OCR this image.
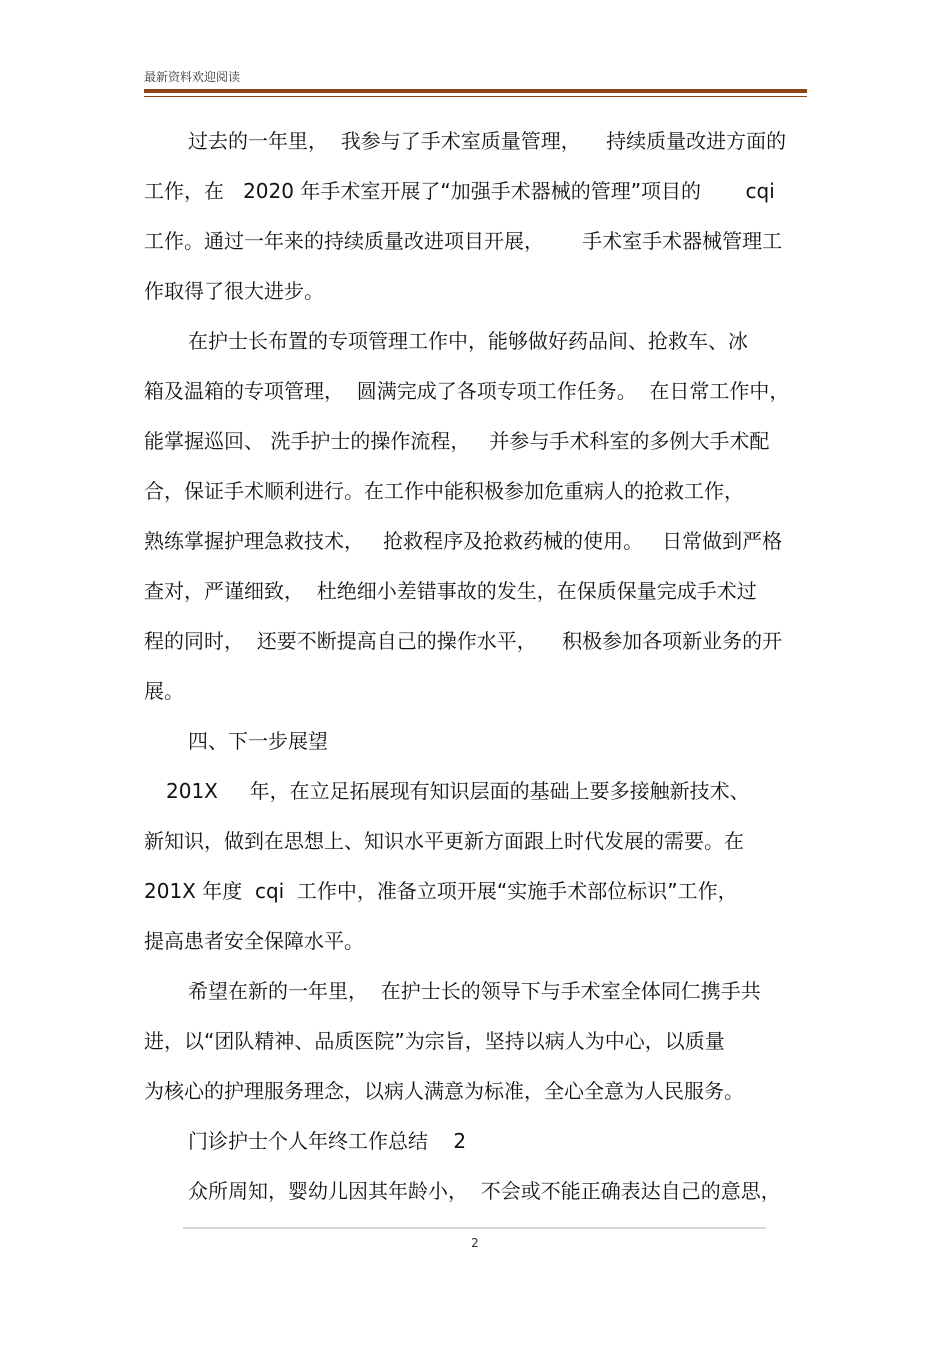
最新资料欢迎阅读
过去的一年里，  我参与了手术室质量管理，    持续质量改进方面的
工作，在   2020 年手术室开展了“加强手术器械的管理”项目的       cqi
工作。通过一年来的持续质量改进项目开展，      手术室手术器械管理工
作取得了很大进步。
在护士长布置的专项管理工作中，能够做好药品间、抢救车、冰
箱及温箱的专项管理，  圆满完成了各项专项工作任务。  在日常工作中，
能掌握巡回、 洗手护士的操作流程，   并参与手术科室的多例大手术配
合，保证手术顺利进行。在工作中能积极参加危重病人的抢救工作，
熟练掌握护理急救技术，   抢救程序及抢救药械的使用。   日常做到严格
查对，严谨细致，  杜绝细小差错事故的发生，在保质保量完成手术过
程的同时，  还要不断提高自己的操作水平，    积极参加各项新业务的开
展。
四、下一步展望
201X     年，在立足拓展现有知识层面的基础上要多接触新技术、
新知识，做到在思想上、知识水平更新方面跟上时代发展的需要。在
201X 年度  cqi  工作中，准备立项开展“实施手术部位标识”工作，
提高患者安全保障水平。
希望在新的一年里，  在护士长的领导下与手术室全体同仁携手共
进，以“团队精神、品质医院”为宗旨，坚持以病人为中心，以质量
为核心的护理服务理念，以病人满意为标准，全心全意为人民服务。
门诊护士个人年终工作总结    2
众所周知，婴幼儿因其年龄小，  不会或不能正确表达自己的意思，
2
